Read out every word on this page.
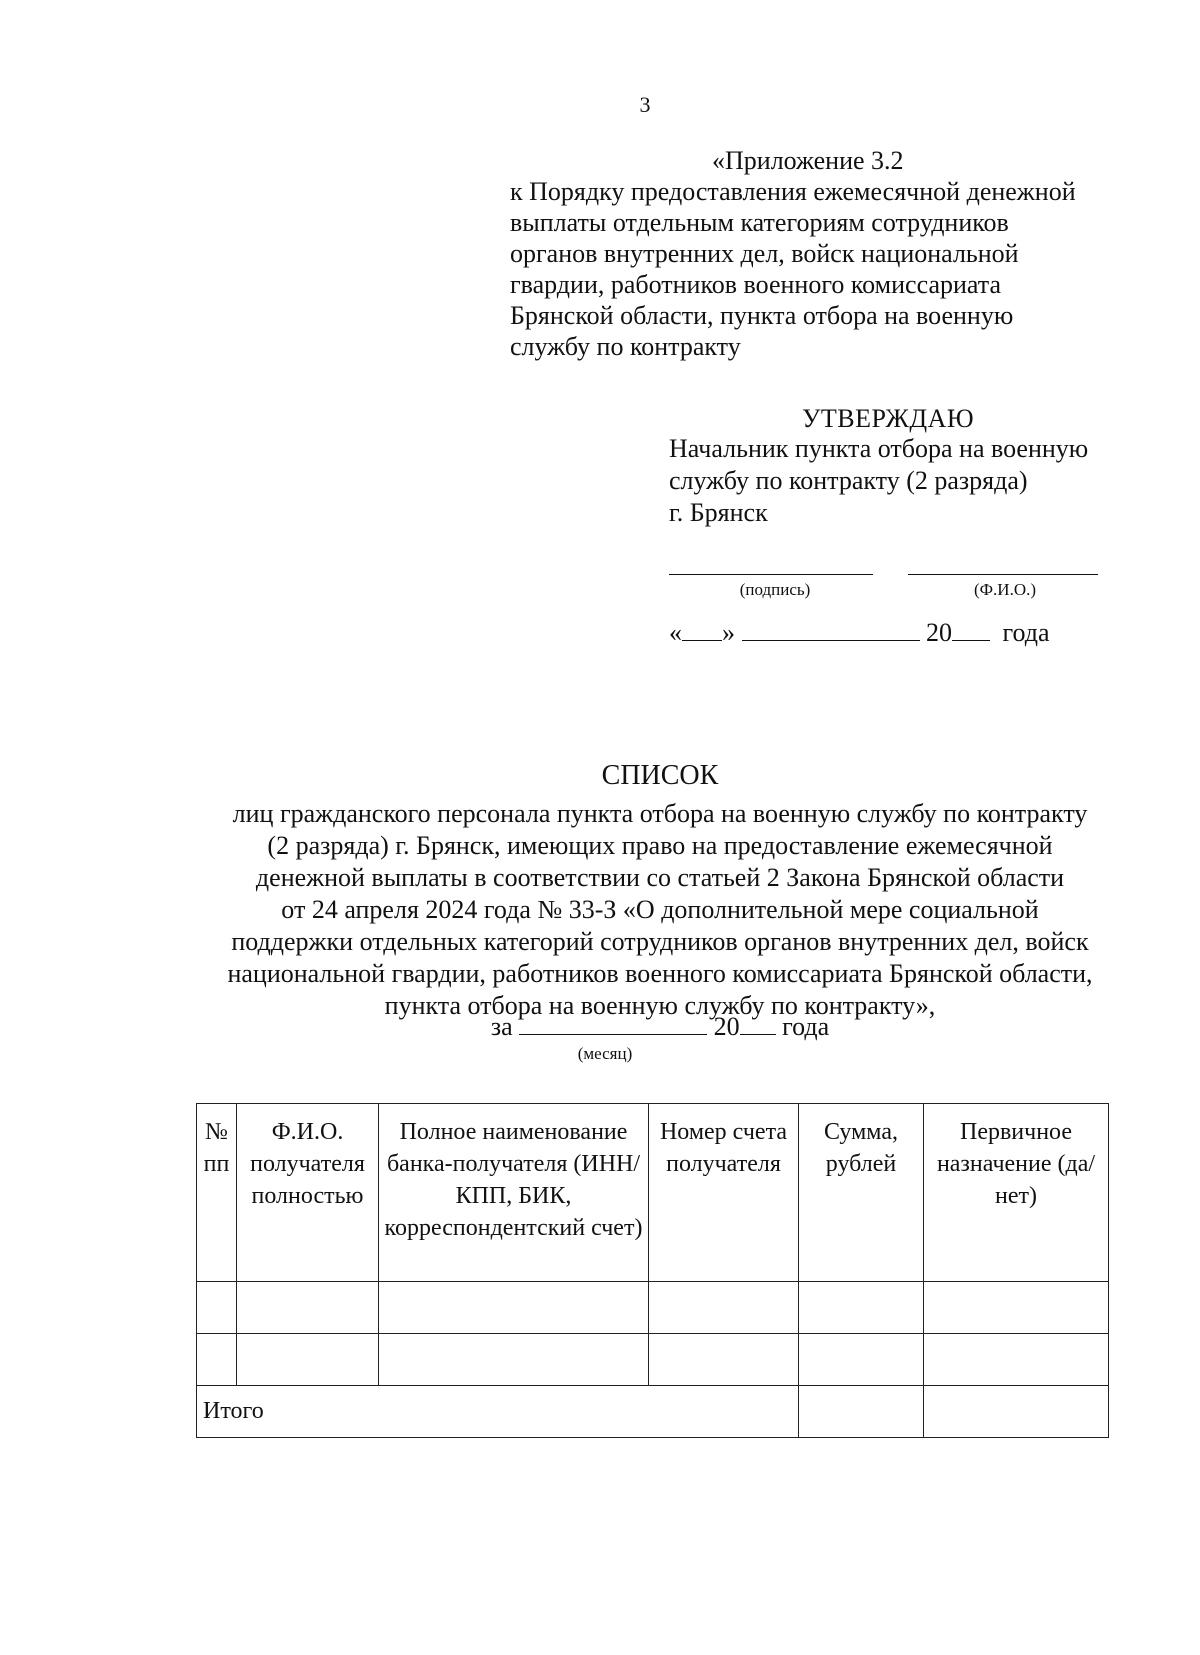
3
«Приложение 3.2
к Порядку предоставления ежемесячной денежной
выплаты отдельным категориям сотрудников
органов внутренних дел, войск национальной
гвардии, работников военного комиссариата
Брянской области, пункта отбора на военную
службу по контракту
УТВЕРЖДАЮ
Начальник пункта отбора на военную
службу по контракту (2 разряда)
г. Брянск
(подпись)	(Ф.И.О.)
« »	20 года
СПИСОК
лиц гражданского персонала пункта отбора на военную службу по контракту
(2 разряда) г. Брянск, имеющих право на предоставление ежемесячной
денежной выплаты в соответствии со статьей 2 Закона Брянской области
от 24 апреля 2024 года № 33-З «О дополнительной мере социальной
поддержки отдельных категорий сотрудников органов внутренних дел, войск
национальной гвардии, работников военного комиссариата Брянской области,
пункта отбора на военную службу по контракту»,
за	20 года
(месяц)
№ пп	Ф.И.О. получателя полностью	Полное наименование банка-получателя (ИНН/КПП, БИК, корреспондентский счет)	Номер счета получателя	Сумма, рублей	Первичное назначение (да/нет)

Итого					
